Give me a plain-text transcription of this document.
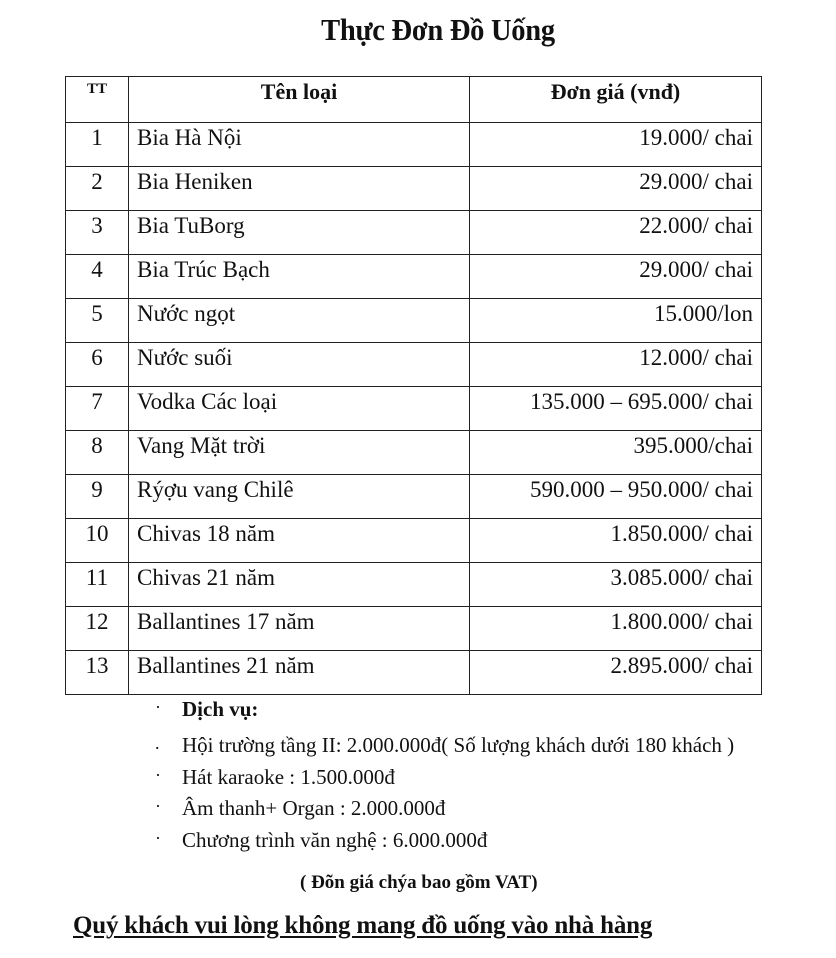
Thực Đơn Đồ Uống
TT	Tên loại	Đơn giá (vnđ)
1	Bia Hà Nội	19.000/ chai
2	Bia Heniken	29.000/ chai
3	Bia TuBorg	22.000/ chai
4	Bia Trúc Bạch	29.000/ chai
5	Nước ngọt	15.000/lon
6	Nước suối	12.000/ chai
7	Vodka Các loại	135.000 – 695.000/ chai
8	Vang Mặt trời	395.000/chai
9	Rýợu vang Chilê	590.000 – 950.000/ chai
10	Chivas 18 năm	1.850.000/ chai
11	Chivas 21 năm	3.085.000/ chai
12	Ballantines 17 năm	1.800.000/ chai
13	Ballantines 21 năm	2.895.000/ chai
· Dịch vụ:
. Hội trường tầng II: 2.000.000đ( Số lượng khách dưới 180 khách )
· Hát karaoke : 1.500.000đ
· Âm thanh+ Organ : 2.000.000đ
· Chương trình văn nghệ : 6.000.000đ
( Đõn giá chýa bao gồm VAT)
Quý khách vui lòng không mang đồ uống vào nhà hàng
